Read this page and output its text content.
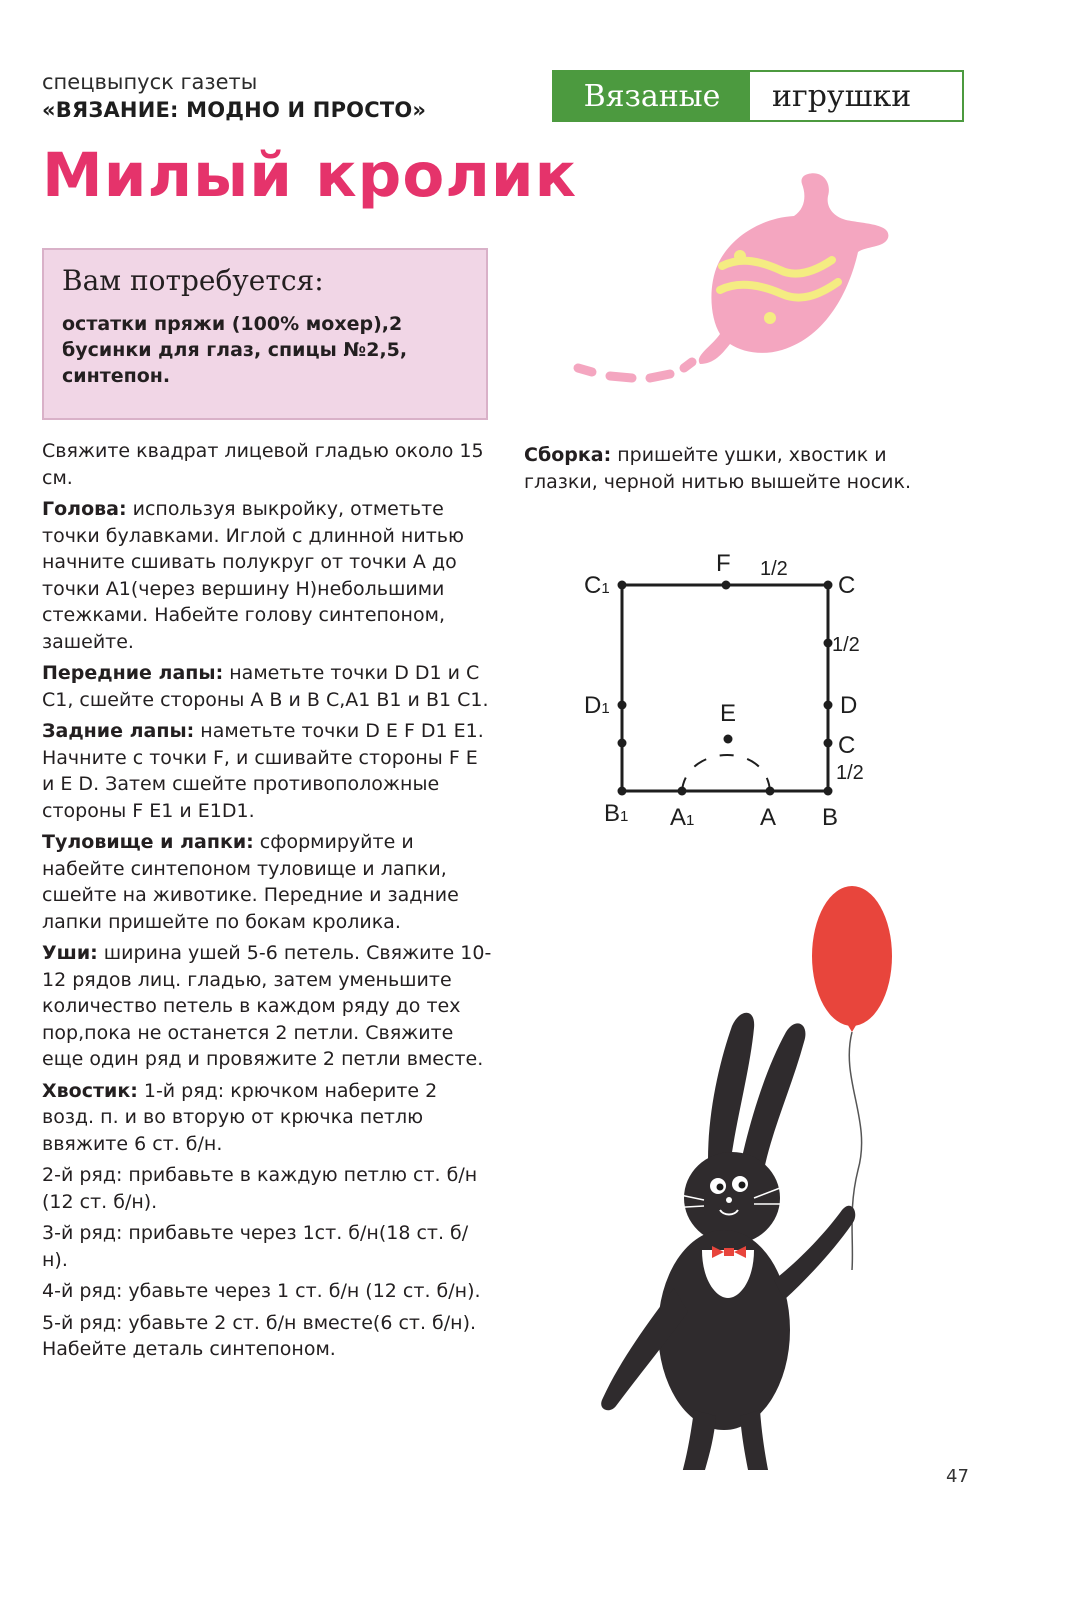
спецвыпуск газеты
«ВЯЗАНИЕ: МОДНО И ПРОСТО»	Вязаные	игрушки
Милый кролик
Вам потребуется:
остатки пряжи (100% мохер),2 бусинки для глаз, спицы №2,5, синтепон.

Свяжите квадрат лицевой гладью около 15 см.

Голова: используя выкройку, отметьте точки булавками. Иглой с длинной нитью начните сшивать полукруг от точки А до точки А1(через вершину Н)небольшими стежками. Набейте голову синтепоном, зашейте.

Передние лапы: наметьте точки D D1 и C C1, сшейте стороны A B и B C,A1 B1 и B1 C1.

Задние лапы: наметьте точки D E F D1 E1. Начните с точки F, и сшивайте стороны F E и E D. Затем сшейте противоположные стороны F E1 и E1D1.

Туловище и лапки: сформируйте и набейте синтепоном туловище и лапки, сшейте на животике. Передние и задние лапки пришейте по бокам кролика.

Уши: ширина ушей 5-6 петель. Свяжите 10-12 рядов лиц. гладью, затем уменьшите количество петель в каждом ряду до тех пор,пока не останется 2 петли. Свяжите еще один ряд и провяжите 2 петли вместе.

Хвостик: 1-й ряд: крючком наберите 2 возд. п. и во вторую от крючка петлю ввяжите 6 ст. б/н.

2-й ряд: прибавьте в каждую петлю ст. б/н (12 ст. б/н).

3-й ряд: прибавьте через 1ст. б/н(18 ст. б/н).

4-й ряд: убавьте через 1 ст. б/н (12 ст. б/н).

5-й ряд: убавьте 2 ст. б/н вместе(6 ст. б/н). Набейте деталь синтепоном.

Сборка: пришейте ушки, хвостик и глазки, черной нитью вышейте носик.
C1
F 1/2
C
1/2
D1	E	D
C
1/2
B1 A1	A B
47
